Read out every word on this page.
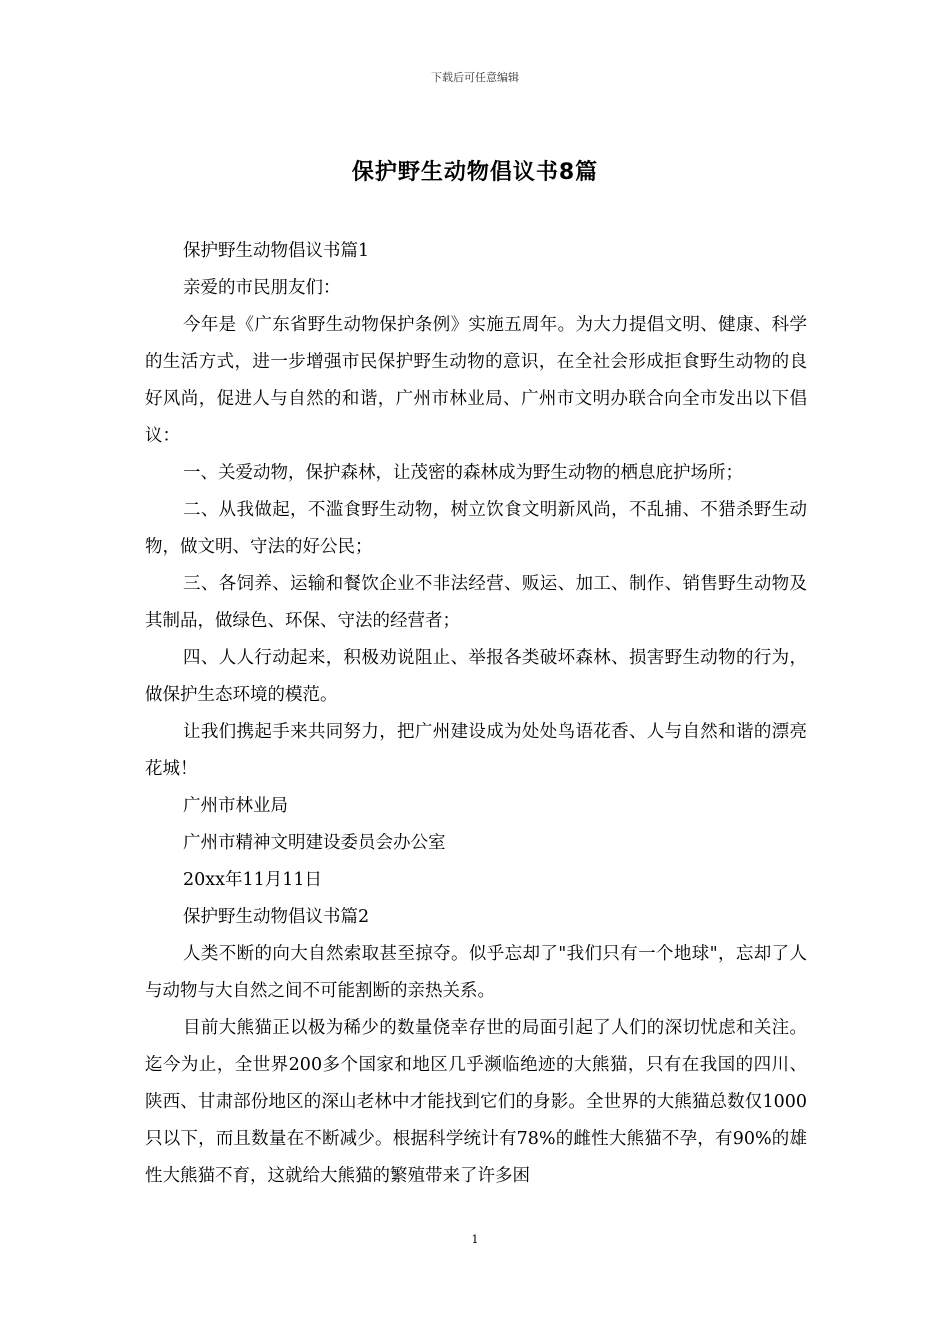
下载后可任意编辑
保护野生动物倡议书8篇

保护野生动物倡议书篇1

亲爱的市民朋友们：

今年是《广东省野生动物保护条例》实施五周年。为大力提倡文明、健康、科学的生活方式，进一步增强市民保护野生动物的意识，在全社会形成拒食野生动物的良好风尚，促进人与自然的和谐，广州市林业局、广州市文明办联合向全市发出以下倡议：

一、关爱动物，保护森林，让茂密的森林成为野生动物的栖息庇护场所；

二、从我做起，不滥食野生动物，树立饮食文明新风尚，不乱捕、不猎杀野生动物，做文明、守法的好公民；

三、各饲养、运输和餐饮企业不非法经营、贩运、加工、制作、销售野生动物及其制品，做绿色、环保、守法的经营者；

四、人人行动起来，积极劝说阻止、举报各类破坏森林、损害野生动物的行为，做保护生态环境的模范。

让我们携起手来共同努力，把广州建设成为处处鸟语花香、人与自然和谐的漂亮花城！

广州市林业局

广州市精神文明建设委员会办公室

20xx年11月11日

保护野生动物倡议书篇2

人类不断的向大自然索取甚至掠夺。似乎忘却了"我们只有一个地球"，忘却了人与动物与大自然之间不可能割断的亲热关系。

目前大熊猫正以极为稀少的数量侥幸存世的局面引起了人们的深切忧虑和关注。迄今为止，全世界200多个国家和地区几乎濒临绝迹的大熊猫，只有在我国的四川、陕西、甘肃部份地区的深山老林中才能找到它们的身影。全世界的大熊猫总数仅1000只以下，而且数量在不断减少。根据科学统计有78%的雌性大熊猫不孕，有90%的雄性大熊猫不育，这就给大熊猫的繁殖带来了许多困

1
